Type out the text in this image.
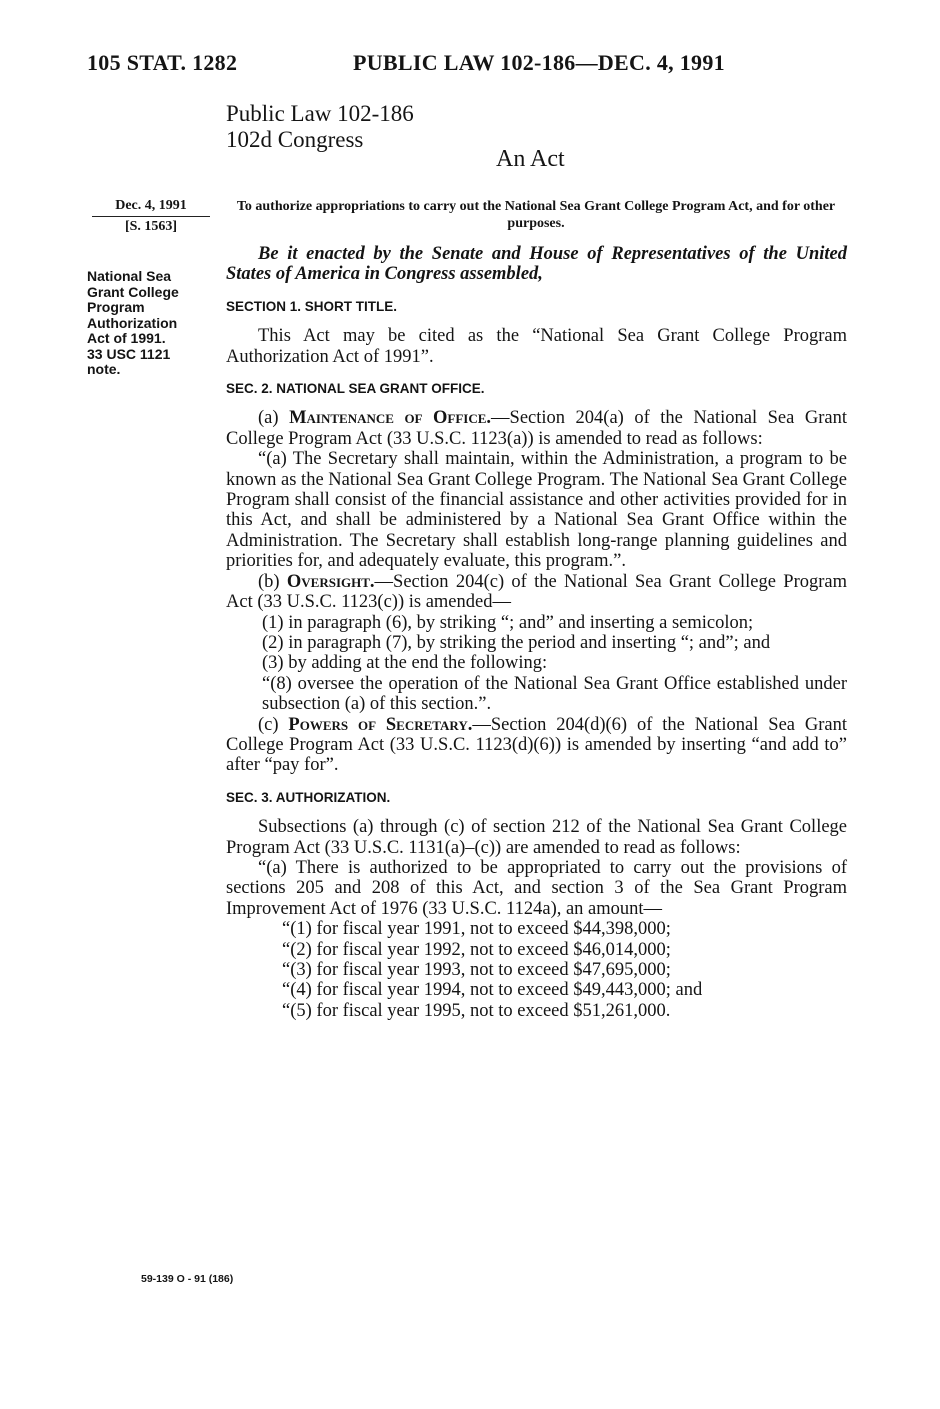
105 STAT. 1282	PUBLIC LAW 102-186—DEC. 4, 1991
Public Law 102-186
102d Congress
An Act
Dec. 4, 1991
[S. 1563]
National Sea
Grant College
Program
Authorization
Act of 1991.
33 USC 1121
note.
To authorize appropriations to carry out the National Sea Grant College Program Act, and for other purposes.

Be it enacted by the Senate and House of Representatives of the United States of America in Congress assembled,

SECTION 1. SHORT TITLE.

This Act may be cited as the “National Sea Grant College Program Authorization Act of 1991”.

SEC. 2. NATIONAL SEA GRANT OFFICE.

(a) Maintenance of Office.—Section 204(a) of the National Sea Grant College Program Act (33 U.S.C. 1123(a)) is amended to read as follows:

“(a) The Secretary shall maintain, within the Administration, a program to be known as the National Sea Grant College Program. The National Sea Grant College Program shall consist of the financial assistance and other activities provided for in this Act, and shall be administered by a National Sea Grant Office within the Administration. The Secretary shall establish long-range planning guidelines and priorities for, and adequately evaluate, this program.”.

(b) Oversight.—Section 204(c) of the National Sea Grant College Program Act (33 U.S.C. 1123(c)) is amended—

(1) in paragraph (6), by striking “; and” and inserting a semicolon;

(2) in paragraph (7), by striking the period and inserting “; and”; and

(3) by adding at the end the following:

“(8) oversee the operation of the National Sea Grant Office established under subsection (a) of this section.”.

(c) Powers of Secretary.—Section 204(d)(6) of the National Sea Grant College Program Act (33 U.S.C. 1123(d)(6)) is amended by inserting “and add to” after “pay for”.

SEC. 3. AUTHORIZATION.

Subsections (a) through (c) of section 212 of the National Sea Grant College Program Act (33 U.S.C. 1131(a)–(c)) are amended to read as follows:

“(a) There is authorized to be appropriated to carry out the provisions of sections 205 and 208 of this Act, and section 3 of the Sea Grant Program Improvement Act of 1976 (33 U.S.C. 1124a), an amount—

“(1) for fiscal year 1991, not to exceed $44,398,000;

“(2) for fiscal year 1992, not to exceed $46,014,000;

“(3) for fiscal year 1993, not to exceed $47,695,000;

“(4) for fiscal year 1994, not to exceed $49,443,000; and

“(5) for fiscal year 1995, not to exceed $51,261,000.

59-139 O - 91 (186)
